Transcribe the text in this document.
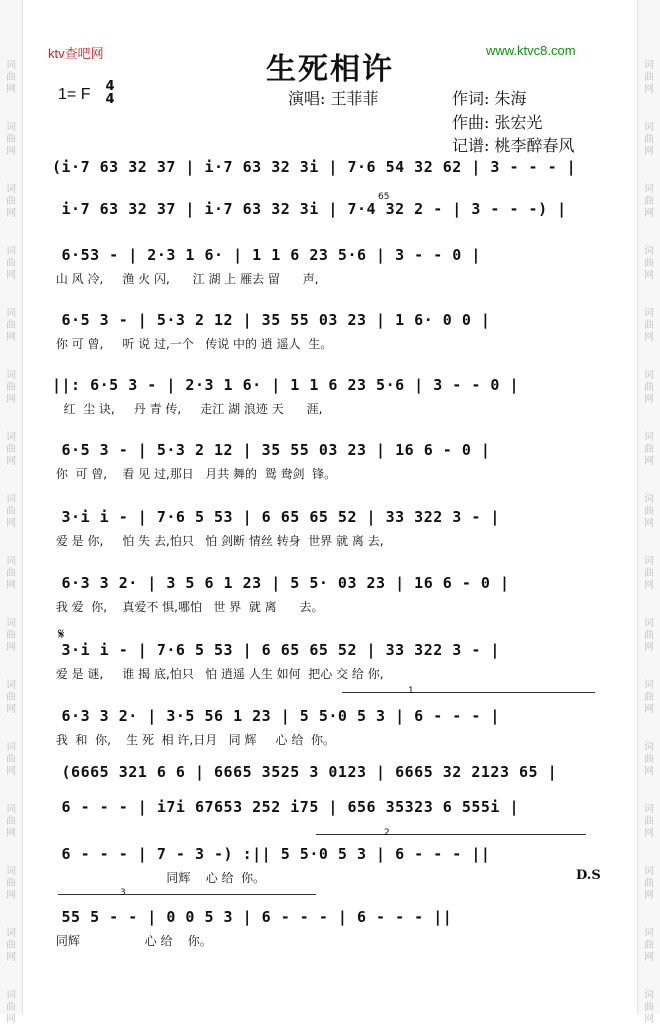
词
曲
网
词
曲
网
词
曲
网
词
曲
网
词
曲
网
词
曲
网
词
曲
网
词
曲
网
词
曲
网
词
曲
网
词
曲
网
词
曲
网
词
曲
网
词
曲
网
词
曲
网
词
曲
网
词
曲
网
词
曲
网
词
曲
网
词
曲
网
词
曲
网
词
曲
网
词
曲
网
词
曲
网
词
曲
网
词
曲
网
词
曲
网
词
曲
网
词
曲
网
词
曲
网
词
曲
网
词
曲
网
ktv查吧网	www.ktvc8.com
生死相许
1= F 4
4	演唱: 王菲菲	作词: 朱海
作曲: 张宏光
记谱: 桃李醉春风
(i·7 63 32 37 | i·7 63 32 3i | 7·6 54 32 62 | 3 - - - |
i·7 63 32 37 | i·7 63 32 3i | 7·4 32 2 - | 3 - - -) |
6·53 - | 2·3 1 6· | 1 1 6 23 5·6 | 3 - - 0 |
山 风 冷,     渔 火 闪,      江 湖 上 雁去 留      声,
6·5 3 - | 5·3 2 12 | 35 55 03 23 | 1 6· 0 0 |
你 可 曾,     听 说 过,一个   传说 中的 逍 遥人  生。
||: 6·5 3 - | 2·3 1 6· | 1 1 6 23 5·6 | 3 - - 0 |
红  尘 诀,     丹 青 传,     走江 湖 浪迹 天      涯,
6·5 3 - | 5·3 2 12 | 35 55 03 23 | 16 6 - 0 |
你  可 曾,    看 见 过,那日   月共 舞的  鸳 鸯剑  锋。
3·i i - | 7·6 5 53 | 6 65 65 52 | 33 322 3 - |
爱 是 你,     怕 失 去,怕只   怕 剑断 情丝 转身  世界 就 离 去,
6·3 3 2· | 3 5 6 1 23 | 5 5· 03 23 | 16 6 - 0 |
我 爱  你,    真爱不 惧,哪怕   世 界  就 离      去。
3·i i - | 7·6 5 53 | 6 65 65 52 | 33 322 3 - |
爱 是 谜,     谁 揭 底,怕只   怕 逍遥 人生 如何  把心 交 给 你,
6·3 3 2· | 3·5 56 1 23 | 5 5·0 5 3 | 6 - - - |
我  和  你,    生 死  相 许,日月   同 辉     心 给  你。
(6665 321 6 6 | 6665 3525 3 0123 | 6665 32 2123 65 |
6 - - - | i7i 67653 252 i75 | 656 35323 6 555i |
6 - - - | 7 - 3 -) :|| 5 5·0 5 3 | 6 - - - ||
同辉    心 给  你。
55 5 - - | 0 0 5 3 | 6 - - - | 6 - - - ||
同辉                 心 给    你。
1
2
3
D.S
𝄋
65
